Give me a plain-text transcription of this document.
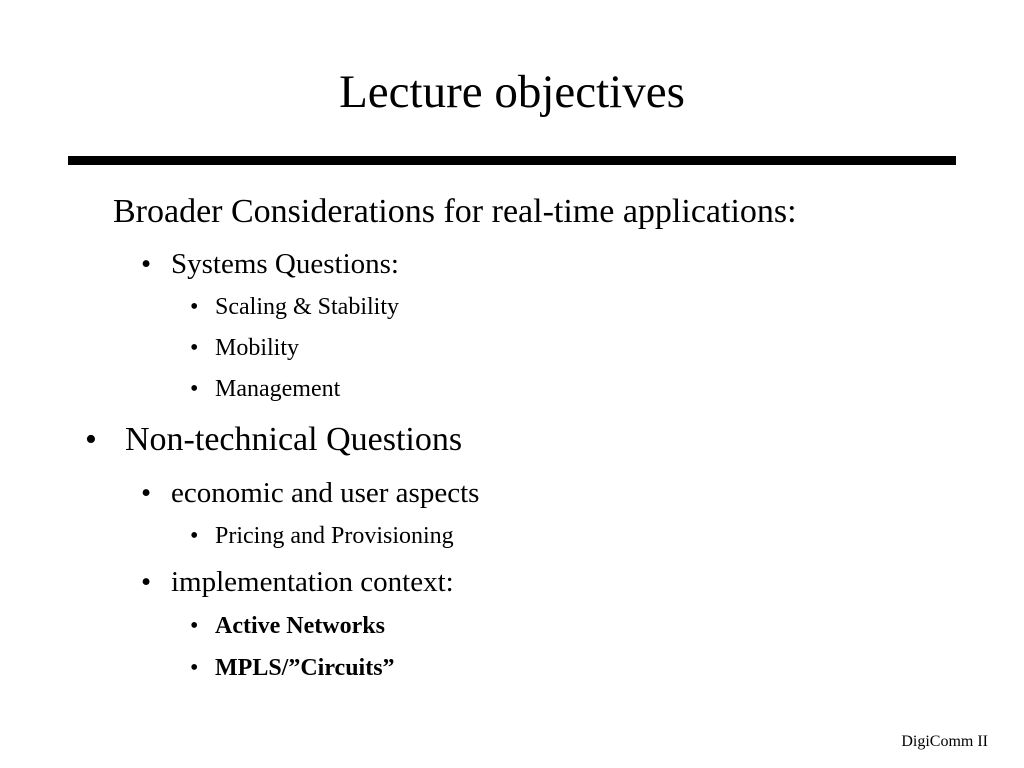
Lecture objectives
Broader Considerations for real-time applications:
• Systems Questions:
• Scaling & Stability
• Mobility
• Management
• Non-technical Questions
• economic and user aspects
• Pricing and Provisioning
• implementation context:
• Active Networks
• MPLS/”Circuits”
DigiComm II
